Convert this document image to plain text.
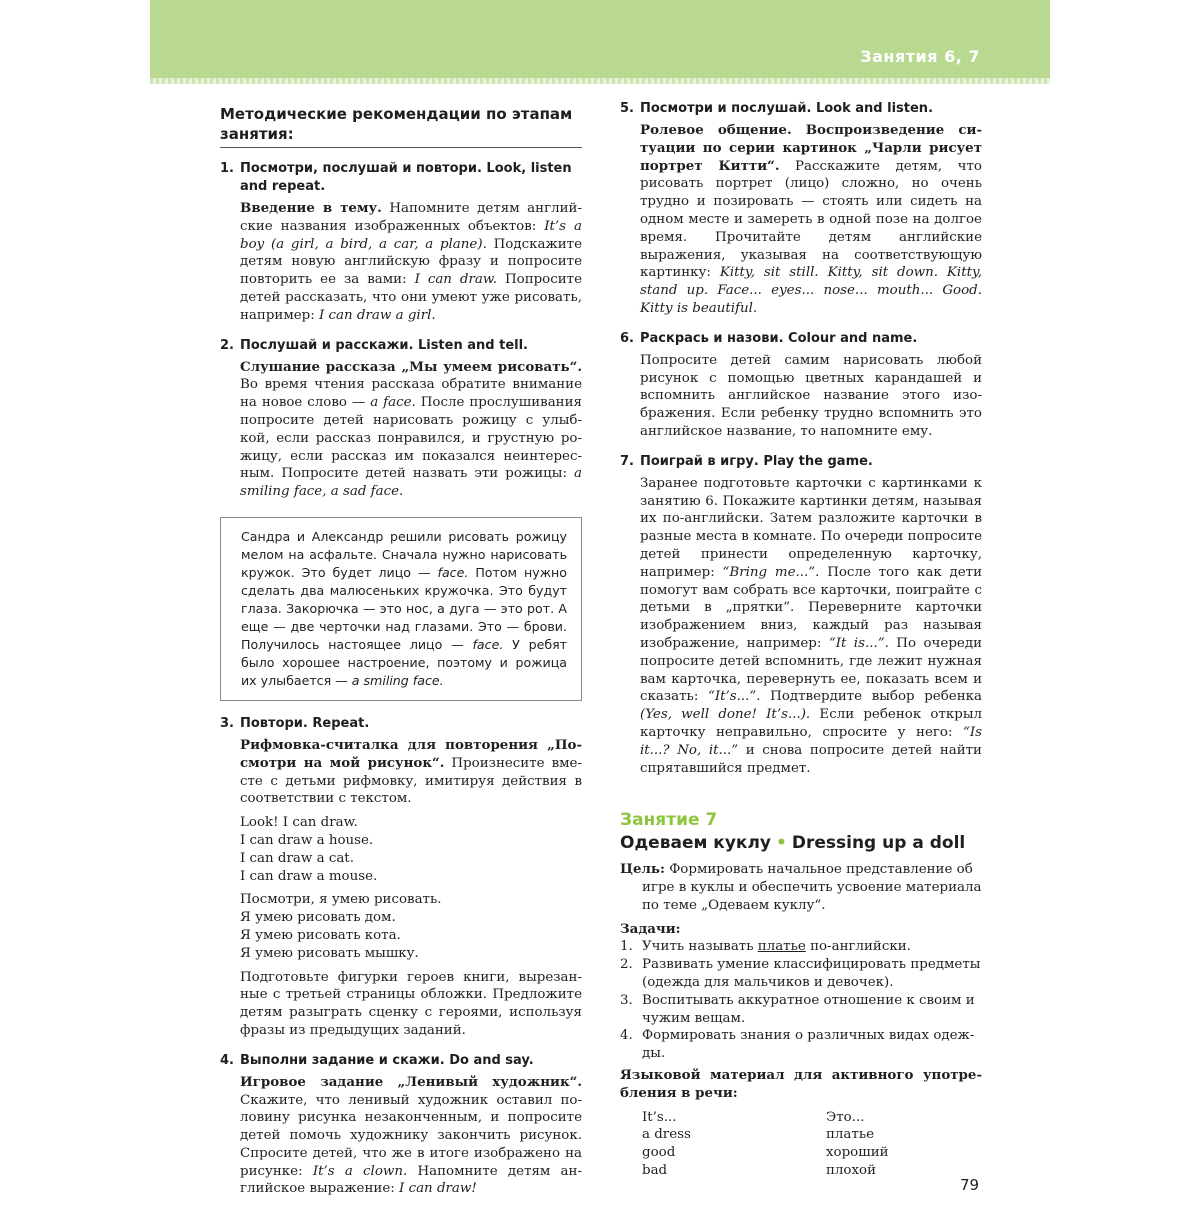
Занятия 6, 7
Методические рекомендации по этапам занятия:
1. Посмотри, послушай и повтори. Look, listen and repeat.

Введение в тему. Напомните детям английские названия изображенных объектов: It’s a boy (a girl, a bird, a car, a plane). Подскажите детям новую английскую фразу и попросите повторить ее за вами: I can draw. Попросите детей рассказать, что они умеют уже рисовать, например: I can draw a girl.

2. Послушай и расскажи. Listen and tell.

Слушание рассказа „Мы умеем рисовать“. Во время чтения рассказа обратите внимание на новое слово — a face. После прослушивания попросите детей нарисовать рожицу с улыбкой, если рассказ понравился, и грустную рожицу, если рассказ им показался неинтересным. Попросите детей назвать эти рожицы: a smiling face, a sad face.

Сандра и Александр решили рисовать рожицу мелом на асфальте. Сначала нужно нарисовать кружок. Это будет лицо — face. Потом нужно сделать два малюсеньких кружочка. Это будут глаза. Закорючка — это нос, а дуга — это рот. А еще — две черточки над глазами. Это — брови. Получилось настоящее лицо — face. У ребят было хорошее настроение, поэтому и рожица их улыбается — a smiling face.
3. Повтори. Repeat.

Рифмовка-считалка для повторения „Посмотри на мой рисунок“. Произнесите вместе с детьми рифмовку, имитируя действия в соответствии с текстом.

Look! I can draw.
I can draw a house.
I can draw a cat.
I can draw a mouse.
Посмотри, я умею рисовать.
Я умею рисовать дом.
Я умею рисовать кота.
Я умею рисовать мышку.

Подготовьте фигурки героев книги, вырезанные с третьей страницы обложки. Предложите детям разыграть сценку с героями, используя фразы из предыдущих заданий.

4. Выполни задание и скажи. Do and say.

Игровое задание „Ленивый художник“. Скажите, что ленивый художник оставил половину рисунка незаконченным, и попросите детей помочь художнику закончить рисунок. Спросите детей, что же в итоге изображено на рисунке: It’s a clown. Напомните детям английское выражение: I can draw!

5. Посмотри и послушай. Look and listen.

Ролевое общение. Воспроизведение ситуации по серии картинок „Чарли рисует портрет Китти“. Расскажите детям, что рисовать портрет (лицо) сложно, но очень трудно и позировать — стоять или сидеть на одном месте и замереть в одной позе на долгое время. Прочитайте детям английские выражения, указывая на соответствующую картинку: Kitty, sit still. Kitty, sit down. Kitty, stand up. Face... eyes... nose... mouth... Good. Kitty is beautiful.

6. Раскрась и назови. Colour and name.

Попросите детей самим нарисовать любой рисунок с помощью цветных карандашей и вспомнить английское название этого изображения. Если ребенку трудно вспомнить это английское название, то напомните ему.

7. Поиграй в игру. Play the game.

Заранее подготовьте карточки с картинками к занятию 6. Покажите картинки детям, называя их по-английски. Затем разложите карточки в разные места в комнате. По очереди попросите детей принести определенную карточку, например: “Bring me...”. После того как дети помогут вам собрать все карточки, поиграйте с детьми в „прятки“. Переверните карточки изображением вниз, каждый раз называя изображение, например: “It is...”. По очереди попросите детей вспомнить, где лежит нужная вам карточка, перевернуть ее, показать всем и сказать: “It’s...”. Подтвердите выбор ребенка (Yes, well done! It’s...). Если ребенок открыл карточку неправильно, спросите у него: “Is it...? No, it...” и снова попросите детей найти спрятавшийся предмет.

Занятие 7
Одеваем куклу • Dressing up a doll

Цель: Формировать начальное представление об игре в куклы и обеспечить усвоение материала по теме „Одеваем куклу“.

Задачи:
1. Учить называть платье по-английски.
2. Развивать умение классифицировать предметы (одежда для мальчиков и девочек).
3. Воспитывать аккуратное отношение к своим и чужим вещам.
4. Формировать знания о различных видах одежды.

Языковой материал для активного употребления в речи:

It’s...	Это...
a dress	платье
good	хороший
bad	плохой
79
